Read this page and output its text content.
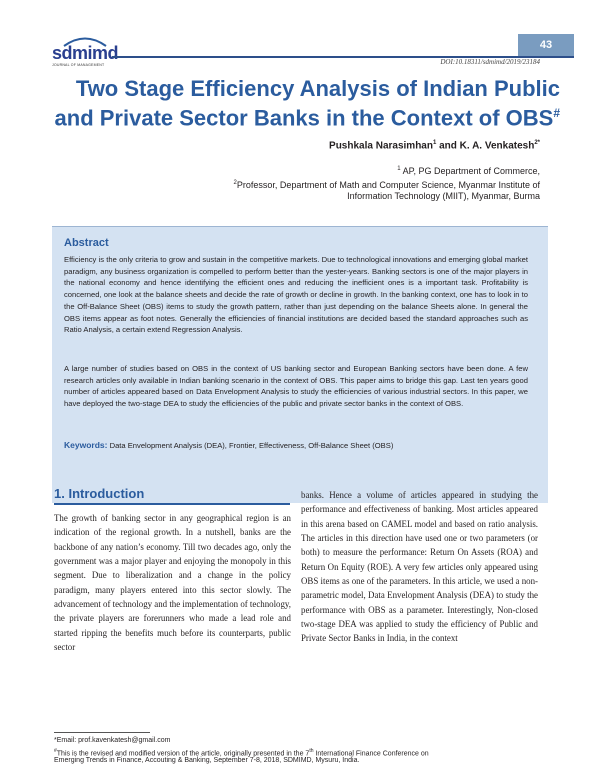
sdmimd
JOURNAL OF MANAGEMENT
43
DOI:10.18311/sdmimd/2019/23184
Two Stage Efficiency Analysis of Indian Public
and Private Sector Banks in the Context of OBS#
Pushkala Narasimhan$^1$ and K. A. Venkatesh$^{2*}$
$^1$ AP, PG Department of Commerce,
$^2$Professor, Department of Math and Computer Science, Myanmar Institute of
Information Technology (MIIT), Myanmar, Burma
Abstract

Efficiency is the only criteria to grow and sustain in the competitive markets. Due to technological innovations and emerging global market paradigm, any business organization is compelled to perform better than the yester-years. Banking sectors is one of the major players in the national economy and hence identifying the efficient ones and reducing the inefficient ones is a important task. Profitability is concerned, one look at the balance sheets and decide the rate of growth or decline in growth. In the banking context, one has to look in to the Off-Balance Sheet (OBS) items to study the growth pattern, rather than just depending on the balance Sheets alone. In general the OBS items appear as foot notes. Generally the efficiencies of financial institutions are decided based the standard approaches such as Ratio Analysis, a certain extend Regression Analysis.

A large number of studies based on OBS in the context of US banking sector and European Banking sectors have been done. A few research articles only available in Indian banking scenario in the context of OBS. This paper aims to bridge this gap. Last ten years good number of articles appeared based on Data Envelopment Analysis to study the efficiencies of various industrial sectors. In this paper, we have deployed the two-stage DEA to study the efficiencies of the public and private sector banks in the context of OBS.

Keywords: Data Envelopment Analysis (DEA), Frontier, Effectiveness, Off-Balance Sheet (OBS)

1. Introduction

The growth of banking sector in any geographical region is an indication of the regional growth. In a nutshell, banks are the backbone of any nation’s economy. Till two decades ago, only the government was a major player and enjoying the monopoly in this segment. Due to liberalization and a change in the policy paradigm, many players entered into this sector slowly. The advancement of technology and the implementation of technology, the private players are forerunners who made a lead role and started ripping the benefits much before its counterparts, public sector

banks. Hence a volume of articles appeared in studying the performance and effectiveness of banking. Most articles appeared in this arena based on CAMEL model and based on ratio analysis. The articles in this direction have used one or two parameters (or both) to measure the performance: Return On Assets (ROA) and Return On Equity (ROE). A very few articles only appeared using OBS items as one of the parameters. In this article, we used a non-parametric model, Data Envelopment Analysis (DEA) to study the performance with OBS as a parameter. Interestingly, Non-closed two-stage DEA was applied to study the efficiency of Public and Private Sector Banks in India, in the context

*Email: prof.kavenkatesh@gmail.com

#This is the revised and modified version of the article, originally presented in the 7th International Finance Conference on

Emerging Trends in Finance, Accouting & Banking, September 7-8, 2018, SDMIMD, Mysuru, India.
